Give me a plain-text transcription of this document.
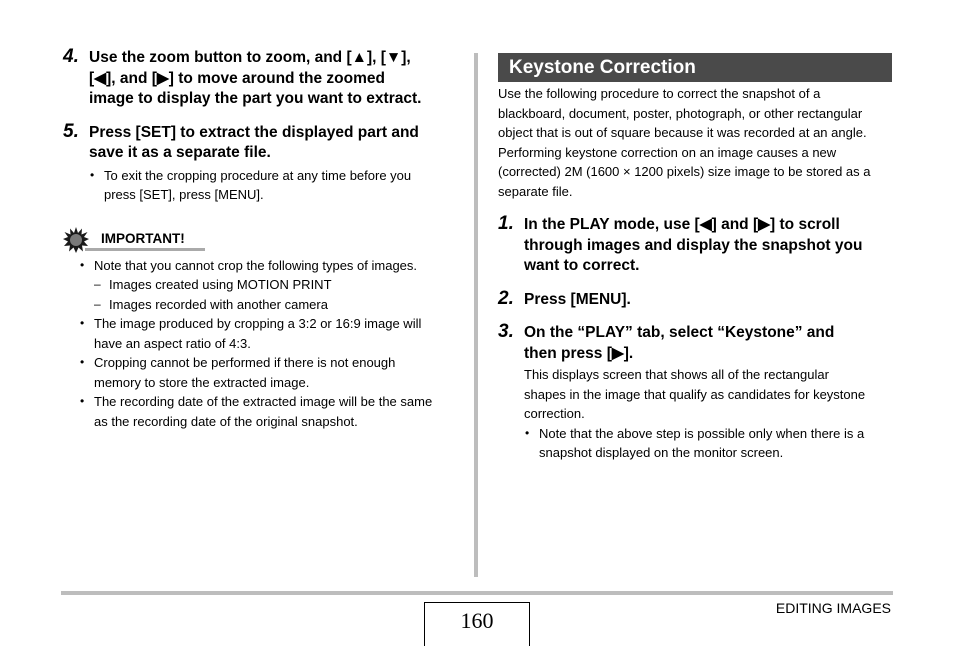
4. Use the zoom button to zoom, and [▲], [▼],
[◀], and [▶] to move around the zoomed
image to display the part you want to extract.
5. Press [SET] to extract the displayed part and
save it as a separate file.
• To exit the cropping procedure at any time before you
press [SET], press [MENU].
IMPORTANT!
• Note that you cannot crop the following types of images.
– Images created using MOTION PRINT
– Images recorded with another camera
• The image produced by cropping a 3:2 or 16:9 image will
have an aspect ratio of 4:3.
• Cropping cannot be performed if there is not enough
memory to store the extracted image.
• The recording date of the extracted image will be the same
as the recording date of the original snapshot.
Keystone Correction
Use the following procedure to correct the snapshot of a
blackboard, document, poster, photograph, or other rectangular
object that is out of square because it was recorded at an angle.
Performing keystone correction on an image causes a new
(corrected) 2M (1600 × 1200 pixels) size image to be stored as a
separate file.
1. In the PLAY mode, use [◀] and [▶] to scroll
through images and display the snapshot you
want to correct.
2. Press [MENU].
3. On the “PLAY” tab, select “Keystone” and
then press [▶].
This displays screen that shows all of the rectangular
shapes in the image that qualify as candidates for keystone
correction.
• Note that the above step is possible only when there is a
snapshot displayed on the monitor screen.
160	EDITING IMAGES
